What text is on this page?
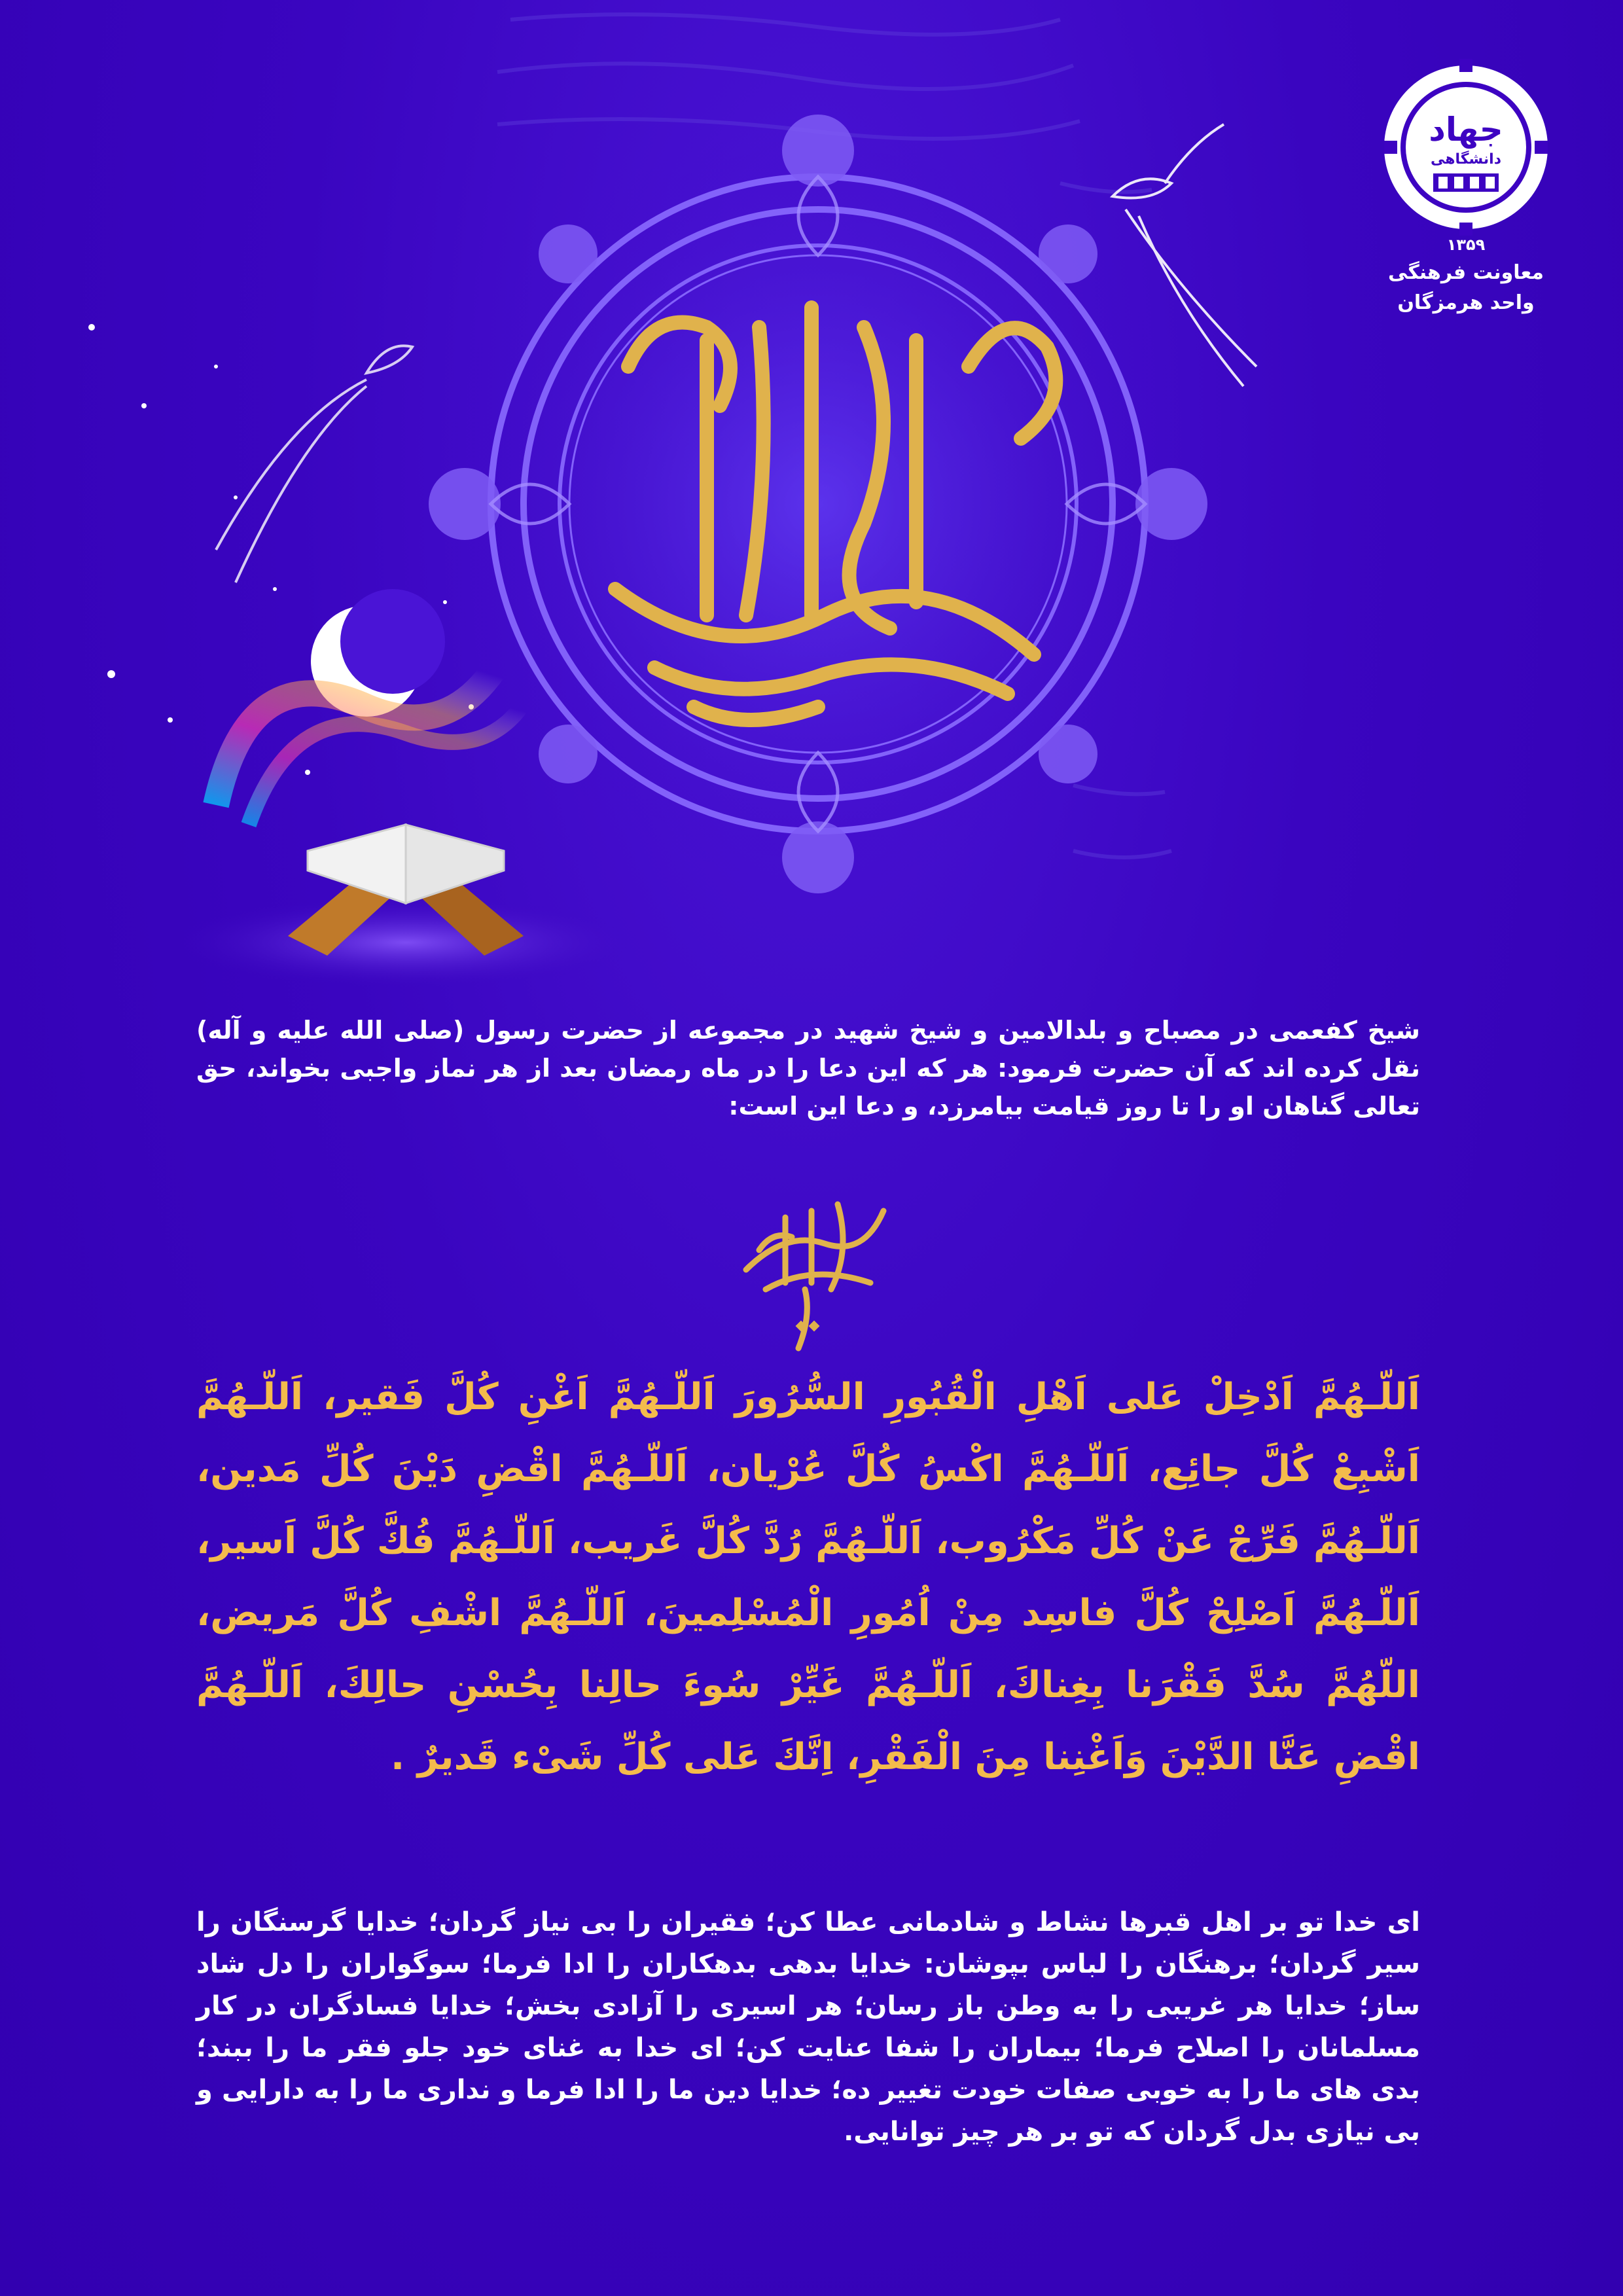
جهاد
دانشگاهی
۱۳۵۹
معاونت فرهنگی
واحد هرمزگان
شیخ کفعمی در مصباح و بلدالامین و شیخ شهید در مجموعه از حضرت رسول (صلی الله علیه و آله) نقل کرده اند که آن حضرت فرمود: هر که این دعا را در ماه رمضان بعد از هر نماز واجبی بخواند، حق تعالی گناهان او را تا روز قیامت بیامرزد، و دعا این است:
اَللّـهُمَّ اَدْخِلْ عَلى اَهْلِ الْقُبُورِ السُّرُورَ اَللّـهُمَّ اَغْنِ كُلَّ فَقير، اَللّـهُمَّ اَشْبِعْ كُلَّ جائِع، اَللّـهُمَّ اكْسُ كُلَّ عُرْيان، اَللّـهُمَّ اقْضِ دَيْنَ كُلِّ مَدين، اَللّـهُمَّ فَرِّجْ عَنْ كُلِّ مَكْرُوب، اَللّـهُمَّ رُدَّ كُلَّ غَريب، اَللّـهُمَّ فُكَّ كُلَّ اَسير، اَللّـهُمَّ اَصْلِحْ كُلَّ فاسِد مِنْ اُمُورِ الْمُسْلِمينَ، اَللّـهُمَّ اشْفِ كُلَّ مَريض، اللّهُمَّ سُدَّ فَقْرَنا بِغِناكَ، اَللّـهُمَّ غَيِّرْ سُوءَ حالِنا بِحُسْنِ حالِكَ، اَللّـهُمَّ اقْضِ عَنَّا الدَّيْنَ وَاَغْنِنا مِنَ الْفَقْرِ، اِنَّكَ عَلى كُلِّ شَىْء قَديرٌ .
ای خدا تو بر اهل قبرها نشاط و شادمانی عطا کن؛ فقیران را بی نیاز گردان؛ خدایا گرسنگان را سیر گردان؛ برهنگان را لباس بپوشان: خدایا بدهی بدهکاران را ادا فرما؛ سوگواران را دل شاد ساز؛ خدایا هر غریبی را به وطن باز رسان؛ هر اسیری را آزادی بخش؛ خدایا فسادگران در کار مسلمانان را اصلاح فرما؛ بیماران را شفا عنایت کن؛ ای خدا به غنای خود جلو فقر ما را ببند؛ بدی های ما را به خوبی صفات خودت تغییر ده؛ خدایا دین ما را ادا فرما و نداری ما را به دارایی و بی نیازی بدل گردان که تو بر هر چیز توانایی.
